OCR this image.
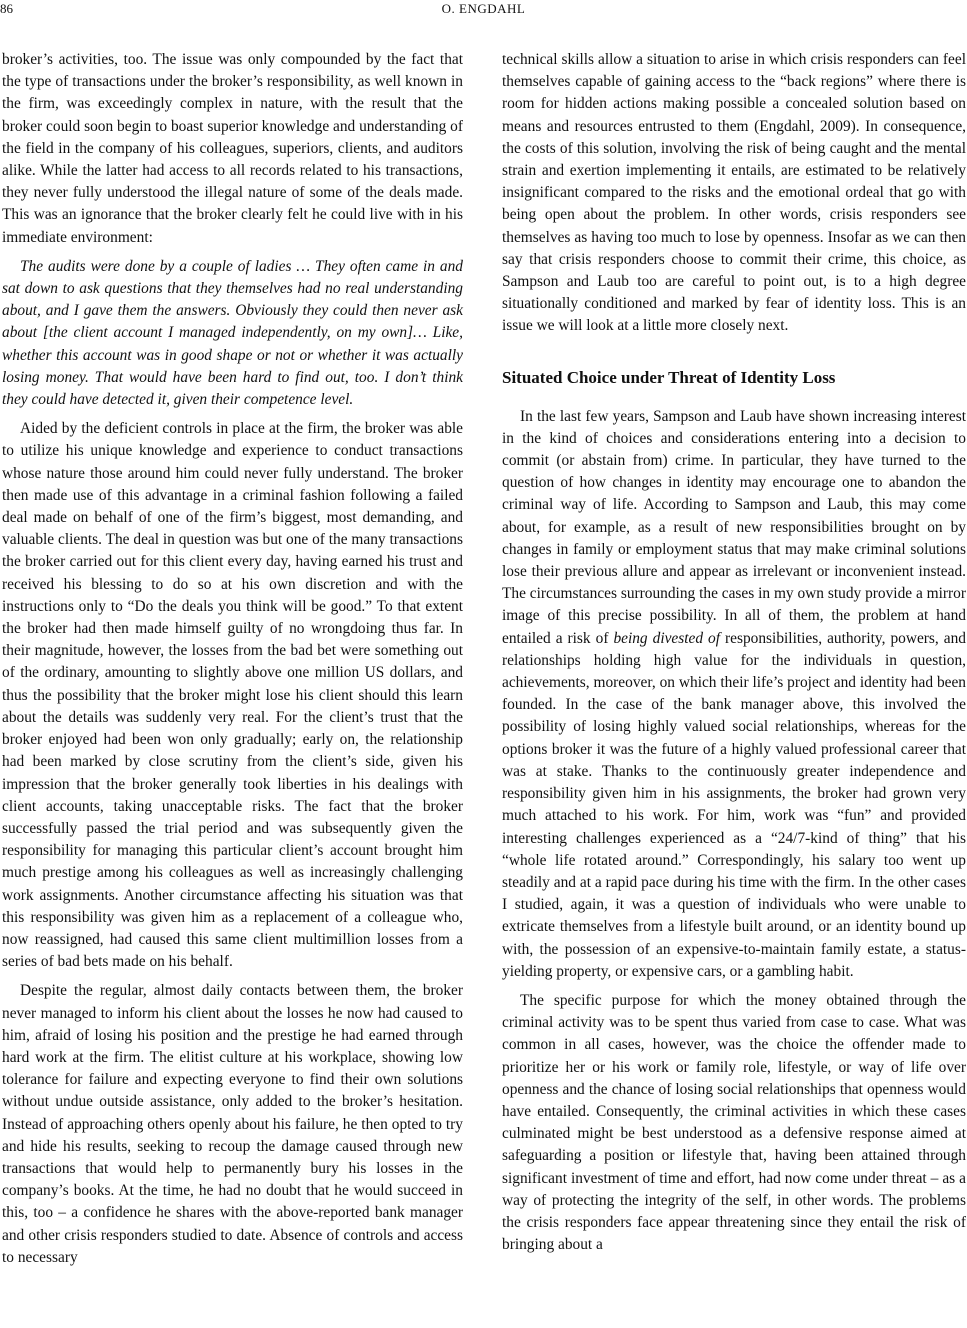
86	O. ENGDAHL

broker’s activities, too. The issue was only compounded by the fact that the type of transactions under the broker’s responsibility, as well known in the firm, was exceedingly complex in nature, with the result that the broker could soon begin to boast superior knowledge and understanding of the field in the company of his colleagues, superiors, clients, and auditors alike. While the latter had access to all records related to his transactions, they never fully understood the illegal nature of some of the deals made. This was an ignorance that the broker clearly felt he could live with in his immediate environment:

The audits were done by a couple of ladies … They often came in and sat down to ask questions that they themselves had no real understanding about, and I gave them the answers. Obviously they could then never ask about [the client account I managed independently, on my own]… Like, whether this account was in good shape or not or whether it was actually losing money. That would have been hard to find out, too. I don’t think they could have detected it, given their competence level.

Aided by the deficient controls in place at the firm, the broker was able to utilize his unique knowledge and experience to conduct transactions whose nature those around him could never fully understand. The broker then made use of this advantage in a criminal fashion following a failed deal made on behalf of one of the firm’s biggest, most demanding, and valuable clients. The deal in question was but one of the many transactions the broker carried out for this client every day, having earned his trust and received his blessing to do so at his own discretion and with the instructions only to “Do the deals you think will be good.” To that extent the broker had then made himself guilty of no wrongdoing thus far. In their magnitude, however, the losses from the bad bet were something out of the ordinary, amounting to slightly above one million US dollars, and thus the possibility that the broker might lose his client should this learn about the details was suddenly very real. For the client’s trust that the broker enjoyed had been won only gradually; early on, the relationship had been marked by close scrutiny from the client’s side, given his impression that the broker generally took liberties in his dealings with client accounts, taking unacceptable risks. The fact that the broker successfully passed the trial period and was subsequently given the responsibility for managing this particular client’s account brought him much prestige among his colleagues as well as increasingly challenging work assignments. Another circumstance affecting his situation was that this responsibility was given him as a replacement of a colleague who, now reassigned, had caused this same client multimillion losses from a series of bad bets made on his behalf.

Despite the regular, almost daily contacts between them, the broker never managed to inform his client about the losses he now had caused to him, afraid of losing his position and the prestige he had earned through hard work at the firm. The elitist culture at his workplace, showing low tolerance for failure and expecting everyone to find their own solutions without undue outside assistance, only added to the broker’s hesitation. Instead of approaching others openly about his failure, he then opted to try and hide his results, seeking to recoup the damage caused through new transactions that would help to permanently bury his losses in the company’s books. At the time, he had no doubt that he would succeed in this, too – a confidence he shares with the above-reported bank manager and other crisis responders studied to date. Absence of controls and access to necessary

technical skills allow a situation to arise in which crisis responders can feel themselves capable of gaining access to the “back regions” where there is room for hidden actions making possible a concealed solution based on means and resources entrusted to them (Engdahl, 2009). In consequence, the costs of this solution, involving the risk of being caught and the mental strain and exertion implementing it entails, are estimated to be relatively insignificant compared to the risks and the emotional ordeal that go with being open about the problem. In other words, crisis responders see themselves as having too much to lose by openness. Insofar as we can then say that crisis responders choose to commit their crime, this choice, as Sampson and Laub too are careful to point out, is to a high degree situationally conditioned and marked by fear of identity loss. This is an issue we will look at a little more closely next.

Situated Choice under Threat of Identity Loss

In the last few years, Sampson and Laub have shown increasing interest in the kind of choices and considerations entering into a decision to commit (or abstain from) crime. In particular, they have turned to the question of how changes in identity may encourage one to abandon the criminal way of life. According to Sampson and Laub, this may come about, for example, as a result of new responsibilities brought on by changes in family or employment status that may make criminal solutions lose their previous allure and appear as irrelevant or inconvenient instead. The circumstances surrounding the cases in my own study provide a mirror image of this precise possibility. In all of them, the problem at hand entailed a risk of being divested of responsibilities, authority, powers, and relationships holding high value for the individuals in question, achievements, moreover, on which their life’s project and identity had been founded. In the case of the bank manager above, this involved the possibility of losing highly valued social relationships, whereas for the options broker it was the future of a highly valued professional career that was at stake. Thanks to the continuously greater independence and responsibility given him in his assignments, the broker had grown very much attached to his work. For him, work was “fun” and provided interesting challenges experienced as a “24/7-kind of thing” that his “whole life rotated around.” Correspondingly, his salary too went up steadily and at a rapid pace during his time with the firm. In the other cases I studied, again, it was a question of individuals who were unable to extricate themselves from a lifestyle built around, or an identity bound up with, the possession of an expensive-to-maintain family estate, a status-yielding property, or expensive cars, or a gambling habit.

The specific purpose for which the money obtained through the criminal activity was to be spent thus varied from case to case. What was common in all cases, however, was the choice the offender made to prioritize her or his work or family role, lifestyle, or way of life over openness and the chance of losing social relationships that openness would have entailed. Consequently, the criminal activities in which these cases culminated might be best understood as a defensive response aimed at safeguarding a position or lifestyle that, having been attained through significant investment of time and effort, had now come under threat – as a way of protecting the integrity of the self, in other words. The problems the crisis responders face appear threatening since they entail the risk of bringing about a
